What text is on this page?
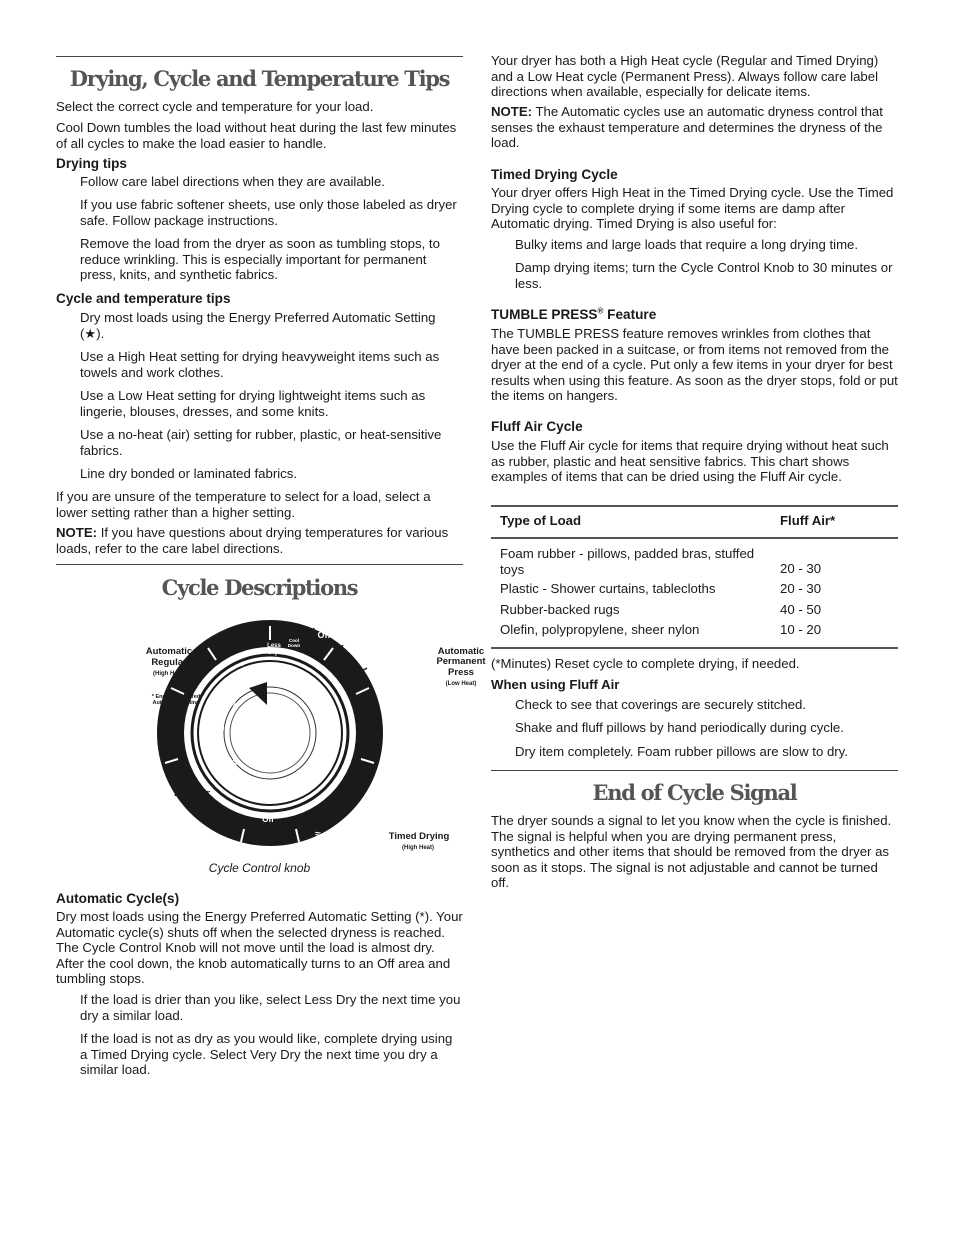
Drying, Cycle and Temperature Tips

Select the correct cycle and temperature for your load.

Cool Down tumbles the load without heat during the last few minutes of all cycles to make the load easier to handle.

Drying tips

Follow care label directions when they are available.

If you use fabric softener sheets, use only those labeled as dryer safe. Follow package instructions.

Remove the load from the dryer as soon as tumbling stops, to reduce wrinkling. This is especially important for permanent press, knits, and synthetic fabrics.

Cycle and temperature tips

Dry most loads using the Energy Preferred Automatic Setting (★).

Use a High Heat setting for drying heavyweight items such as towels and work clothes.

Use a Low Heat setting for drying lightweight items such as lingerie, blouses, dresses, and some knits.

Use a no-heat (air) setting for rubber, plastic, or heat-sensitive fabrics.

Line dry bonded or laminated fabrics.

If you are unsure of the temperature to select for a load, select a lower setting rather than a higher setting.

NOTE: If you have questions about drying temperatures for various loads, refer to the care label directions.

Cycle Descriptions
Off
Cool
Down
Less
Dry
*
Very
Dry
Off
Very
Dry
Less
Dry
Cool
Down
Off
Off
Tumble
Press
≈
≈
✕
≈
≈
Automatic
Regular
(High Heat)
* Energy Preferred
Automatic Setting
Automatic
Permanent
Press
(Low Heat)
Fluff Air
Timed Drying
(High Heat)
Cycle Control knob
Automatic Cycle(s)

Dry most loads using the Energy Preferred Automatic Setting (*). Your Automatic cycle(s) shuts off when the selected dryness is reached. The Cycle Control Knob will not move until the load is almost dry. After the cool down, the knob automatically turns to an Off area and tumbling stops.

If the load is drier than you like, select Less Dry the next time you dry a similar load.

If the load is not as dry as you would like, complete drying using a Timed Drying cycle. Select Very Dry the next time you dry a similar load.

Your dryer has both a High Heat cycle (Regular and Timed Drying) and a Low Heat cycle (Permanent Press). Always follow care label directions when available, especially for delicate items.

NOTE: The Automatic cycles use an automatic dryness control that senses the exhaust temperature and determines the dryness of the load.

Timed Drying Cycle

Your dryer offers High Heat in the Timed Drying cycle. Use the Timed Drying cycle to complete drying if some items are damp after Automatic drying. Timed Drying is also useful for:

Bulky items and large loads that require a long drying time.

Damp drying items; turn the Cycle Control Knob to 30 minutes or less.

TUMBLE PRESS® Feature

The TUMBLE PRESS feature removes wrinkles from clothes that have been packed in a suitcase, or from items not removed from the dryer at the end of a cycle. Put only a few items in your dryer for best results when using this feature. As soon as the dryer stops, fold or put the items on hangers.

Fluff Air Cycle

Use the Fluff Air cycle for items that require drying without heat such as rubber, plastic and heat sensitive fabrics. This chart shows examples of items that can be dried using the Fluff Air cycle.

Type of Load	Fluff Air*
Foam rubber - pillows, padded bras, stuffed toys	20 - 30
Plastic - Shower curtains, tablecloths	20 - 30
Rubber-backed rugs	40 - 50
Olefin, polypropylene, sheer nylon	10 - 20

(*Minutes) Reset cycle to complete drying, if needed.

When using Fluff Air

Check to see that coverings are securely stitched.

Shake and fluff pillows by hand periodically during cycle.

Dry item completely. Foam rubber pillows are slow to dry.

End of Cycle Signal

The dryer sounds a signal to let you know when the cycle is finished. The signal is helpful when you are drying permanent press, synthetics and other items that should be removed from the dryer as soon as it stops. The signal is not adjustable and cannot be turned off.
